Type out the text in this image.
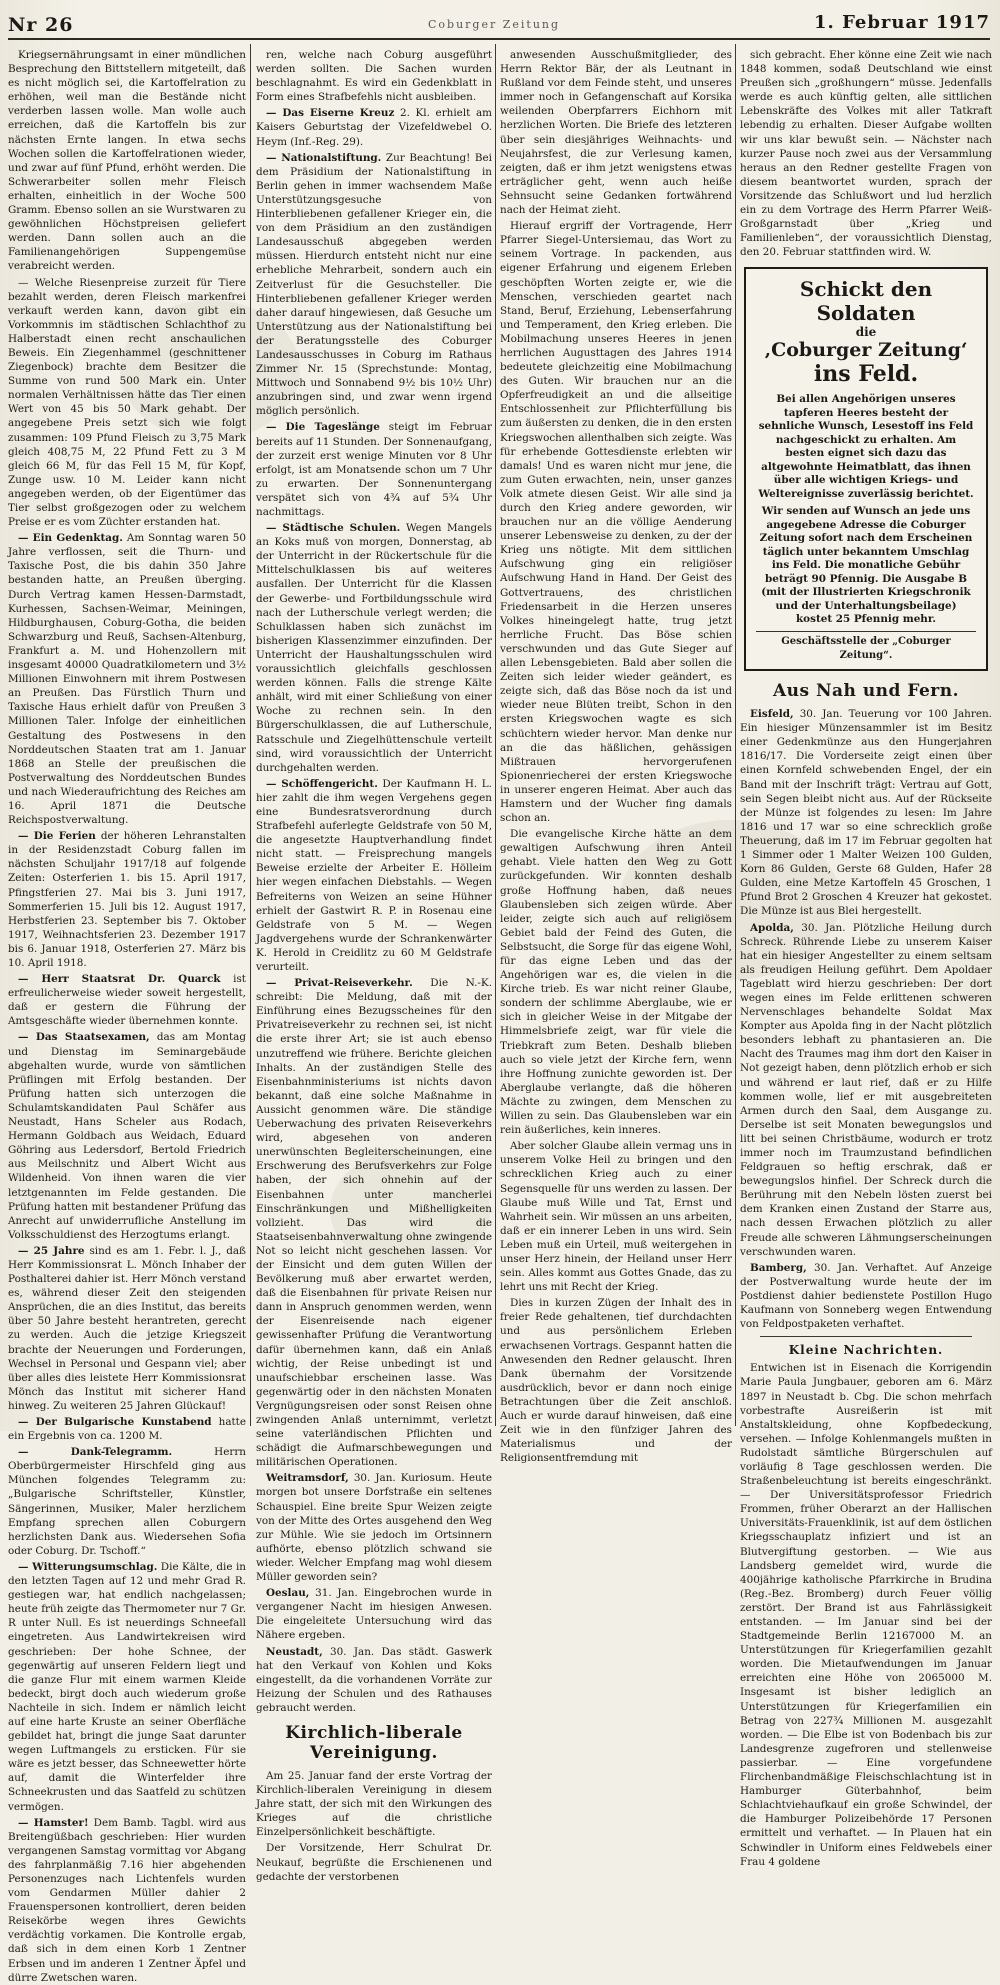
Nr 26	Coburger Zeitung	1. Februar 1917

Kriegsernährungsamt in einer mündlichen Besprechung den Bittstellern mitgeteilt, daß es nicht möglich sei, die Kartoffelration zu erhöhen, weil man die Bestände nicht verderben lassen wolle. Man wolle auch erreichen, daß die Kartoffeln bis zur nächsten Ernte langen. In etwa sechs Wochen sollen die Kartoffelrationen wieder, und zwar auf fünf Pfund, erhöht werden. Die Schwerarbeiter sollen mehr Fleisch erhalten, einheitlich in der Woche 500 Gramm. Ebenso sollen an sie Wurstwaren zu gewöhnlichen Höchstpreisen geliefert werden. Dann sollen auch an die Familienangehörigen Suppengemüse verabreicht werden.

— Welche Riesenpreise zurzeit für Tiere bezahlt werden, deren Fleisch markenfrei verkauft werden kann, davon gibt ein Vorkommnis im städtischen Schlachthof zu Halberstadt einen recht anschaulichen Beweis. Ein Ziegenhammel (geschnittener Ziegenbock) brachte dem Besitzer die Summe von rund 500 Mark ein. Unter normalen Verhältnissen hätte das Tier einen Wert von 45 bis 50 Mark gehabt. Der angegebene Preis setzt sich wie folgt zusammen: 109 Pfund Fleisch zu 3,75 Mark gleich 408,75 M, 22 Pfund Fett zu 3 M gleich 66 M, für das Fell 15 M, für Kopf, Zunge usw. 10 M. Leider kann nicht angegeben werden, ob der Eigentümer das Tier selbst großgezogen oder zu welchem Preise er es vom Züchter erstanden hat.

— Ein Gedenktag. Am Sonntag waren 50 Jahre verflossen, seit die Thurn- und Taxische Post, die bis dahin 350 Jahre bestanden hatte, an Preußen überging. Durch Vertrag kamen Hessen-Darmstadt, Kurhessen, Sachsen-Weimar, Meiningen, Hildburghausen, Coburg-Gotha, die beiden Schwarzburg und Reuß, Sachsen-Altenburg, Frankfurt a. M. und Hohenzollern mit insgesamt 40000 Quadratkilometern und 3½ Millionen Einwohnern mit ihrem Postwesen an Preußen. Das Fürstlich Thurn und Taxische Haus erhielt dafür von Preußen 3 Millionen Taler. Infolge der einheitlichen Gestaltung des Postwesens in den Norddeutschen Staaten trat am 1. Januar 1868 an Stelle der preußischen die Postverwaltung des Norddeutschen Bundes und nach Wiederaufrichtung des Reiches am 16. April 1871 die Deutsche Reichspostverwaltung.

— Die Ferien der höheren Lehranstalten in der Residenzstadt Coburg fallen im nächsten Schuljahr 1917/18 auf folgende Zeiten: Osterferien 1. bis 15. April 1917, Pfingstferien 27. Mai bis 3. Juni 1917, Sommerferien 15. Juli bis 12. August 1917, Herbstferien 23. September bis 7. Oktober 1917, Weihnachtsferien 23. Dezember 1917 bis 6. Januar 1918, Osterferien 27. März bis 10. April 1918.

— Herr Staatsrat Dr. Quarck ist erfreulicherweise wieder soweit hergestellt, daß er gestern die Führung der Amtsgeschäfte wieder übernehmen konnte.

— Das Staatsexamen, das am Montag und Dienstag im Seminargebäude abgehalten wurde, wurde von sämtlichen Prüflingen mit Erfolg bestanden. Der Prüfung hatten sich unterzogen die Schulamtskandidaten Paul Schäfer aus Neustadt, Hans Scheler aus Rodach, Hermann Goldbach aus Weidach, Eduard Göhring aus Ledersdorf, Bertold Friedrich aus Meilschnitz und Albert Wicht aus Wildenheid. Von ihnen waren die vier letztgenannten im Felde gestanden. Die Prüfung hatten mit bestandener Prüfung das Anrecht auf unwiderrufliche Anstellung im Volksschuldienst des Herzogtums erlangt.

— 25 Jahre sind es am 1. Febr. l. J., daß Herr Kommissionsrat L. Mönch Inhaber der Posthalterei dahier ist. Herr Mönch verstand es, während dieser Zeit den steigenden Ansprüchen, die an dies Institut, das bereits über 50 Jahre besteht herantreten, gerecht zu werden. Auch die jetzige Kriegszeit brachte der Neuerungen und Forderungen, Wechsel in Personal und Gespann viel; aber über alles dies leistete Herr Kommissionsrat Mönch das Institut mit sicherer Hand hinweg. Zu weiteren 25 Jahren Glückauf!

— Der Bulgarische Kunstabend hatte ein Ergebnis von ca. 1200 M.

— Dank-Telegramm.	Herrn Oberbürgermeister Hirschfeld ging aus München folgendes Telegramm zu: „Bulgarische Schriftsteller, Künstler, Sängerinnen, Musiker, Maler herzlichem Empfang sprechen allen Coburgern herzlichsten Dank aus. Wiedersehen Sofia oder Coburg. Dr. Tschoff.“

— Witterungsumschlag. Die Kälte, die in den letzten Tagen auf 12 und mehr Grad R. gestiegen war, hat endlich nachgelassen; heute früh zeigte das Thermometer nur 7 Gr. R unter Null. Es ist neuerdings Schneefall eingetreten. Aus Landwirtekreisen wird geschrieben: Der hohe Schnee, der gegenwärtig auf unseren Feldern liegt und die ganze Flur mit einem warmen Kleide bedeckt, birgt doch auch wiederum große Nachteile in sich. Indem er nämlich leicht auf eine harte Kruste an seiner Oberfläche gebildet hat, bringt die junge Saat darunter wegen Luftmangels zu ersticken. Für sie wäre es jetzt besser, das Schneewetter hörte auf, damit die Winterfelder ihre Schneekrusten und das Saatfeld zu schützen vermögen.

— Hamster! Dem Bamb. Tagbl. wird aus Breitengüßbach geschrieben: Hier wurden vergangenen Samstag vormittag vor Abgang des fahrplanmäßig 7.16 hier abgehenden Personenzuges nach Lichtenfels wurden vom Gendarmen Müller dahier 2 Frauenspersonen kontrolliert, deren beiden Reisekörbe wegen ihres Gewichts verdächtig vorkamen. Die Kontrolle ergab, daß sich in dem einen Korb 1 Zentner Erbsen und im anderen 1 Zentner Äpfel und dürre Zwetschen waren.

ren, welche nach Coburg ausgeführt werden sollten. Die Sachen wurden beschlagnahmt. Es wird ein Gedenkblatt in Form eines Strafbefehls nicht ausbleiben.

— Das Eiserne Kreuz 2. Kl. erhielt am Kaisers Geburtstag der Vizefeldwebel O. Heym (Inf.-Reg. 29).

— Nationalstiftung. Zur Beachtung! Bei dem Präsidium der Nationalstiftung in Berlin gehen in immer wachsendem Maße Unterstützungsgesuche von Hinterbliebenen gefallener Krieger ein, die von dem Präsidium an den zuständigen Landesausschuß abgegeben werden müssen. Hierdurch entsteht nicht nur eine erhebliche Mehrarbeit, sondern auch ein Zeitverlust für die Gesuchsteller. Die Hinterbliebenen gefallener Krieger werden daher darauf hingewiesen, daß Gesuche um Unterstützung aus der Nationalstiftung bei der Beratungsstelle des Coburger Landesausschusses in Coburg im Rathaus Zimmer Nr. 15 (Sprechstunde: Montag, Mittwoch und Sonnabend 9½ bis 10½ Uhr) anzubringen sind, und zwar wenn irgend möglich persönlich.

— Die Tageslänge steigt im Februar bereits auf 11 Stunden. Der Sonnenaufgang, der zurzeit erst wenige Minuten vor 8 Uhr erfolgt, ist am Monatsende schon um 7 Uhr zu erwarten. Der Sonnenuntergang verspätet sich von 4¾ auf 5¾ Uhr nachmittags.

— Städtische Schulen. Wegen Mangels an Koks muß von morgen, Donnerstag, ab der Unterricht in der Rückertschule für die Mittelschulklassen bis auf weiteres ausfallen. Der Unterricht für die Klassen der Gewerbe- und Fortbildungsschule wird nach der Lutherschule verlegt werden; die Schulklassen haben sich zunächst im bisherigen Klassenzimmer einzufinden. Der Unterricht der Haushaltungsschulen wird voraussichtlich gleichfalls geschlossen werden können. Falls die strenge Kälte anhält, wird mit einer Schließung von einer Woche zu rechnen sein. In den Bürgerschulklassen, die auf Lutherschule, Ratsschule und Ziegelhüttenschule verteilt sind, wird voraussichtlich der Unterricht durchgehalten werden.

— Schöffengericht. Der Kaufmann H. L. hier zahlt die ihm wegen Vergehens gegen eine Bundesratsverordnung durch Strafbefehl auferlegte Geldstrafe von 50 M, die angesetzte Hauptverhandlung findet nicht statt. — Freisprechung mangels Beweise erzielte der Arbeiter E. Hölleim hier wegen einfachen Diebstahls. — Wegen Befreiterns von Weizen an seine Hühner erhielt der Gastwirt R. P. in Rosenau eine Geldstrafe von 5 M. — Wegen Jagdvergehens wurde der Schrankenwärter K. Herold in Creidlitz zu 60 M Geldstrafe verurteilt.

— Privat-Reiseverkehr. Die N.-K. schreibt: Die Meldung, daß mit der Einführung eines Bezugsscheines für den Privatreiseverkehr zu rechnen sei, ist nicht die erste ihrer Art; sie ist auch ebenso unzutreffend wie frühere. Berichte gleichen Inhalts. An der zuständigen Stelle des Eisenbahnministeriums ist nichts davon bekannt, daß eine solche Maßnahme in Aussicht genommen wäre. Die ständige Ueberwachung des privaten Reiseverkehrs wird, abgesehen von anderen unerwünschten Begleiterscheinungen, eine Erschwerung des Berufsverkehrs zur Folge haben, der sich ohnehin auf der Eisenbahnen unter mancherlei Einschränkungen und Mißhelligkeiten vollzieht. Das wird die Staatseisenbahnverwaltung ohne zwingende Not so leicht nicht geschehen lassen. Vor der Einsicht und dem guten Willen der Bevölkerung muß aber erwartet werden, daß die Eisenbahnen für private Reisen nur dann in Anspruch genommen werden, wenn der Eisenreisende nach eigener gewissenhafter Prüfung die Verantwortung dafür übernehmen kann, daß ein Anlaß wichtig, der Reise unbedingt ist und unaufschiebbar erscheinen lasse. Was gegenwärtig oder in den nächsten Monaten Vergnügungsreisen oder sonst Reisen ohne zwingenden Anlaß unternimmt, verletzt seine vaterländischen Pflichten und schädigt die Aufmarschbewegungen und militärischen Operationen.

Weitramsdorf, 30. Jan. Kuriosum. Heute morgen bot unsere Dorfstraße ein seltenes Schauspiel. Eine breite Spur Weizen zeigte von der Mitte des Ortes ausgehend den Weg zur Mühle. Wie sie jedoch im Ortsinnern aufhörte, ebenso plötzlich schwand sie wieder. Welcher Empfang mag wohl diesem Müller geworden sein?

Oeslau, 31. Jan. Eingebrochen wurde in vergangener Nacht im hiesigen Anwesen. Die eingeleitete Untersuchung wird das Nähere ergeben.

Neustadt, 30. Jan. Das städt. Gaswerk hat den Verkauf von Kohlen und Koks eingestellt, da die vorhandenen Vorräte zur Heizung der Schulen und des Rathauses gebraucht werden.

Kirchlich-liberale Vereinigung.

Am 25. Januar fand der erste Vortrag der Kirchlich-liberalen Vereinigung in diesem Jahre statt, der sich mit den Wirkungen des Krieges auf die christliche Einzelpersönlichkeit beschäftigte.

Der Vorsitzende, Herr Schulrat Dr. Neukauf, begrüßte die Erschienenen und gedachte der verstorbenen

anwesenden Ausschußmitglieder, des Herrn Rektor Bär, der als Leutnant in Rußland vor dem Feinde steht, und unseres immer noch in Gefangenschaft auf Korsika weilenden Oberpfarrers Eichhorn mit herzlichen Worten. Die Briefe des letzteren über sein diesjähriges Weihnachts- und Neujahrsfest, die zur Verlesung kamen, zeigten, daß er ihm jetzt wenigstens etwas erträglicher geht, wenn auch heiße Sehnsucht seine Gedanken fortwährend nach der Heimat zieht.

Hierauf ergriff der Vortragende, Herr Pfarrer Siegel-Untersiemau, das Wort zu seinem Vortrage. In packenden, aus eigener Erfahrung und eigenem Erleben geschöpften Worten zeigte er, wie die Menschen, verschieden geartet nach Stand, Beruf, Erziehung, Lebenserfahrung und Temperament, den Krieg erleben. Die Mobilmachung unseres Heeres in jenen herrlichen Augusttagen des Jahres 1914 bedeutete gleichzeitig eine Mobilmachung des Guten. Wir brauchen nur an die Opferfreudigkeit an und die allseitige Entschlossenheit zur Pflichterfüllung bis zum äußersten zu denken, die in den ersten Kriegswochen allenthalben sich zeigte. Was für erhebende Gottesdienste erlebten wir damals! Und es waren nicht mur jene, die zum Guten erwachten, nein, unser ganzes Volk atmete diesen Geist. Wir alle sind ja durch den Krieg andere geworden, wir brauchen nur an die völlige Aenderung unserer Lebensweise zu denken, zu der der Krieg uns nötigte. Mit dem sittlichen Aufschwung ging ein religiöser Aufschwung Hand in Hand. Der Geist des Gottvertrauens, des christlichen Friedensarbeit in die Herzen unseres Volkes hineingelegt hatte, trug jetzt herrliche Frucht. Das Böse schien verschwunden und das Gute Sieger auf allen Lebensgebieten. Bald aber sollen die Zeiten sich leider wieder geändert, es zeigte sich, daß das Böse noch da ist und wieder neue Blüten treibt, Schon in den ersten Kriegswochen wagte es sich schüchtern wieder hervor. Man denke nur an die das häßlichen, gehässigen Mißtrauen hervorgerufenen Spionenriecherei der ersten Kriegswoche in unserer engeren Heimat. Aber auch das Hamstern und der Wucher fing damals schon an.

Die evangelische Kirche hätte an dem gewaltigen Aufschwung ihren Anteil gehabt. Viele hatten den Weg zu Gott zurückgefunden. Wir konnten deshalb große Hoffnung haben, daß neues Glaubensleben sich zeigen würde. Aber leider, zeigte sich auch auf religiösem Gebiet bald der Feind des Guten, die Selbstsucht, die Sorge für das eigene Wohl, für das eigne Leben und das der Angehörigen war es, die vielen in die Kirche trieb. Es war nicht reiner Glaube, sondern der schlimme Aberglaube, wie er sich in gleicher Weise in der Mitgabe der Himmelsbriefe zeigt, war für viele die Triebkraft zum Beten. Deshalb blieben auch so viele jetzt der Kirche fern, wenn ihre Hoffnung zunichte geworden ist. Der Aberglaube verlangte, daß die höheren Mächte zu zwingen, dem Menschen zu Willen zu sein. Das Glaubensleben war ein rein äußerliches, kein inneres.

Aber solcher Glaube allein vermag uns in unserem Volke Heil zu bringen und den schrecklichen Krieg auch zu einer Segensquelle für uns werden zu lassen. Der Glaube muß Wille und Tat, Ernst und Wahrheit sein. Wir müssen an uns arbeiten, daß er ein innerer Leben in uns wird. Sein Leben muß ein Urteil, muß weitergehen in unser Herz hinein, der Heiland unser Herr sein. Alles kommt aus Gottes Gnade, das zu lehrt uns mit Recht der Krieg.

Dies in kurzen Zügen der Inhalt des in freier Rede gehaltenen, tief durchdachten und aus persönlichem Erleben erwachsenen Vortrags. Gespannt hatten die Anwesenden den Redner gelauscht. Ihren Dank übernahm der Vorsitzende ausdrücklich, bevor er dann noch einige Betrachtungen über die Zeit anschloß. Auch er wurde darauf hinweisen, daß eine Zeit wie in den fünfziger Jahren des Materialismus und der Religionsentfremdung mit

sich gebracht. Eher könne eine Zeit wie nach 1848 kommen, sodaß Deutschland wie einst Preußen sich „großhungern“ müsse. Jedenfalls werde es auch künftig gelten, alle sittlichen Lebenskräfte des Volkes mit aller Tatkraft lebendig zu erhalten. Dieser Aufgabe wollten wir uns klar bewußt sein. — Nächster nach kurzer Pause noch zwei aus der Versammlung heraus an den Redner gestellte Fragen von diesem beantwortet wurden, sprach der Vorsitzende das Schlußwort und lud herzlich ein zu dem Vortrage des Herrn Pfarrer Weiß-Großgarnstadt über „Krieg und Familienleben“, der voraussichtlich Dienstag, den 20. Februar stattfinden wird. W.

Schickt den Soldaten
die
‚Coburger Zeitung‘
ins Feld.

Bei allen Angehörigen unseres tapferen Heeres besteht der sehnliche Wunsch, Lesestoff ins Feld nachgeschickt zu erhalten. Am besten eignet sich dazu das altgewohnte Heimatblatt, das ihnen über alle wichtigen Kriegs- und Weltereignisse zuverlässig berichtet.

Wir senden auf Wunsch an jede uns angegebene Adresse die Coburger Zeitung sofort nach dem Erscheinen täglich unter bekanntem Umschlag ins Feld. Die monatliche Gebühr beträgt 90 Pfennig. Die Ausgabe B (mit der Illustrierten Kriegschronik und der Unterhaltungsbeilage) kostet 25 Pfennig mehr.

Geschäftsstelle der „Coburger Zeitung“.
Aus Nah und Fern.

Eisfeld, 30. Jan. Teuerung vor 100 Jahren. Ein hiesiger Münzensammler ist im Besitz einer Gedenkmünze aus den Hungerjahren 1816/17. Die Vorderseite zeigt einen über einen Kornfeld schwebenden Engel, der ein Band mit der Inschrift trägt: Vertrau auf Gott, sein Segen bleibt nicht aus. Auf der Rückseite der Münze ist folgendes zu lesen: Im Jahre 1816 und 17 war so eine schrecklich große Theuerung, daß im 17 im Februar gegolten hat 1 Simmer oder 1 Malter Weizen 100 Gulden, Korn 86 Gulden, Gerste 68 Gulden, Hafer 28 Gulden, eine Metze Kartoffeln 45 Groschen, 1 Pfund Brot 2 Groschen 4 Kreuzer hat gekostet. Die Münze ist aus Blei hergestellt.

Apolda, 30. Jan. Plötzliche Heilung durch Schreck. Rührende Liebe zu unserem Kaiser hat ein hiesiger Angestellter zu einem seltsam als freudigen Heilung geführt. Dem Apoldaer Tageblatt wird hierzu geschrieben: Der dort wegen eines im Felde erlittenen schweren Nervenschlages behandelte Soldat Max Kompter aus Apolda fing in der Nacht plötzlich besonders lebhaft zu phantasieren an. Die Nacht des Traumes mag ihm dort den Kaiser in Not gezeigt haben, denn plötzlich erhob er sich und während er laut rief, daß er zu Hilfe kommen wolle, lief er mit ausgebreiteten Armen durch den Saal, dem Ausgange zu. Derselbe ist seit Monaten bewegungslos und litt bei seinen Christbäume, wodurch er trotz immer noch im Traumzustand befindlichen Feldgrauen so heftig erschrak, daß er bewegungslos hinfiel. Der Schreck durch die Berührung mit den Nebeln lösten zuerst bei dem Kranken einen Zustand der Starre aus, nach dessen Erwachen plötzlich zu aller Freude alle schweren Lähmungserscheinungen verschwunden waren.

Bamberg, 30. Jan. Verhaftet. Auf Anzeige der Postverwaltung wurde heute der im Postdienst dahier bedienstete Postillon Hugo Kaufmann von Sonneberg wegen Entwendung von Feldpostpaketen verhaftet.

Kleine Nachrichten.

Entwichen ist in Eisenach die Korrigendin Marie Paula Jungbauer, geboren am 6. März 1897 in Neustadt b. Cbg. Die schon mehrfach vorbestrafte Ausreißerin ist mit Anstaltskleidung, ohne Kopfbedeckung, versehen. — Infolge Kohlenmangels mußten in Rudolstadt sämtliche Bürgerschulen auf vorläufig 8 Tage geschlossen werden. Die Straßenbeleuchtung ist bereits eingeschränkt. — Der Universitätsprofessor Friedrich Frommen, früher Oberarzt an der Hallischen Universitäts-Frauenklinik, ist auf dem östlichen Kriegsschauplatz infiziert und ist an Blutvergiftung gestorben. — Wie aus Landsberg gemeldet wird, wurde die 400jährige katholische Pfarrkirche in Brudina (Reg.-Bez. Bromberg) durch Feuer völlig zerstört. Der Brand ist aus Fahrlässigkeit entstanden. — Im Januar sind bei der Stadtgemeinde Berlin 12167000 M. an Unterstützungen für Kriegerfamilien gezahlt worden. Die Mietaufwendungen im Januar erreichten eine Höhe von 2065000 M. Insgesamt ist bisher lediglich an Unterstützungen für Kriegerfamilien ein Betrag von 227¾ Millionen M. ausgezahlt worden. — Die Elbe ist von Bodenbach bis zur Landesgrenze zugefroren und stellenweise passierbar. — Eine vorgefundene Flirchenbandmäßige Fleischschlachtung ist in Hamburger Güterbahnhof, beim Schlachtviehaufkauf ein große Schwindel, der die Hamburger Polizeibehörde 17 Personen ermittelt und verhaftet. — In Plauen hat ein Schwindler in Uniform eines Feldwebels einer Frau 4 goldene
